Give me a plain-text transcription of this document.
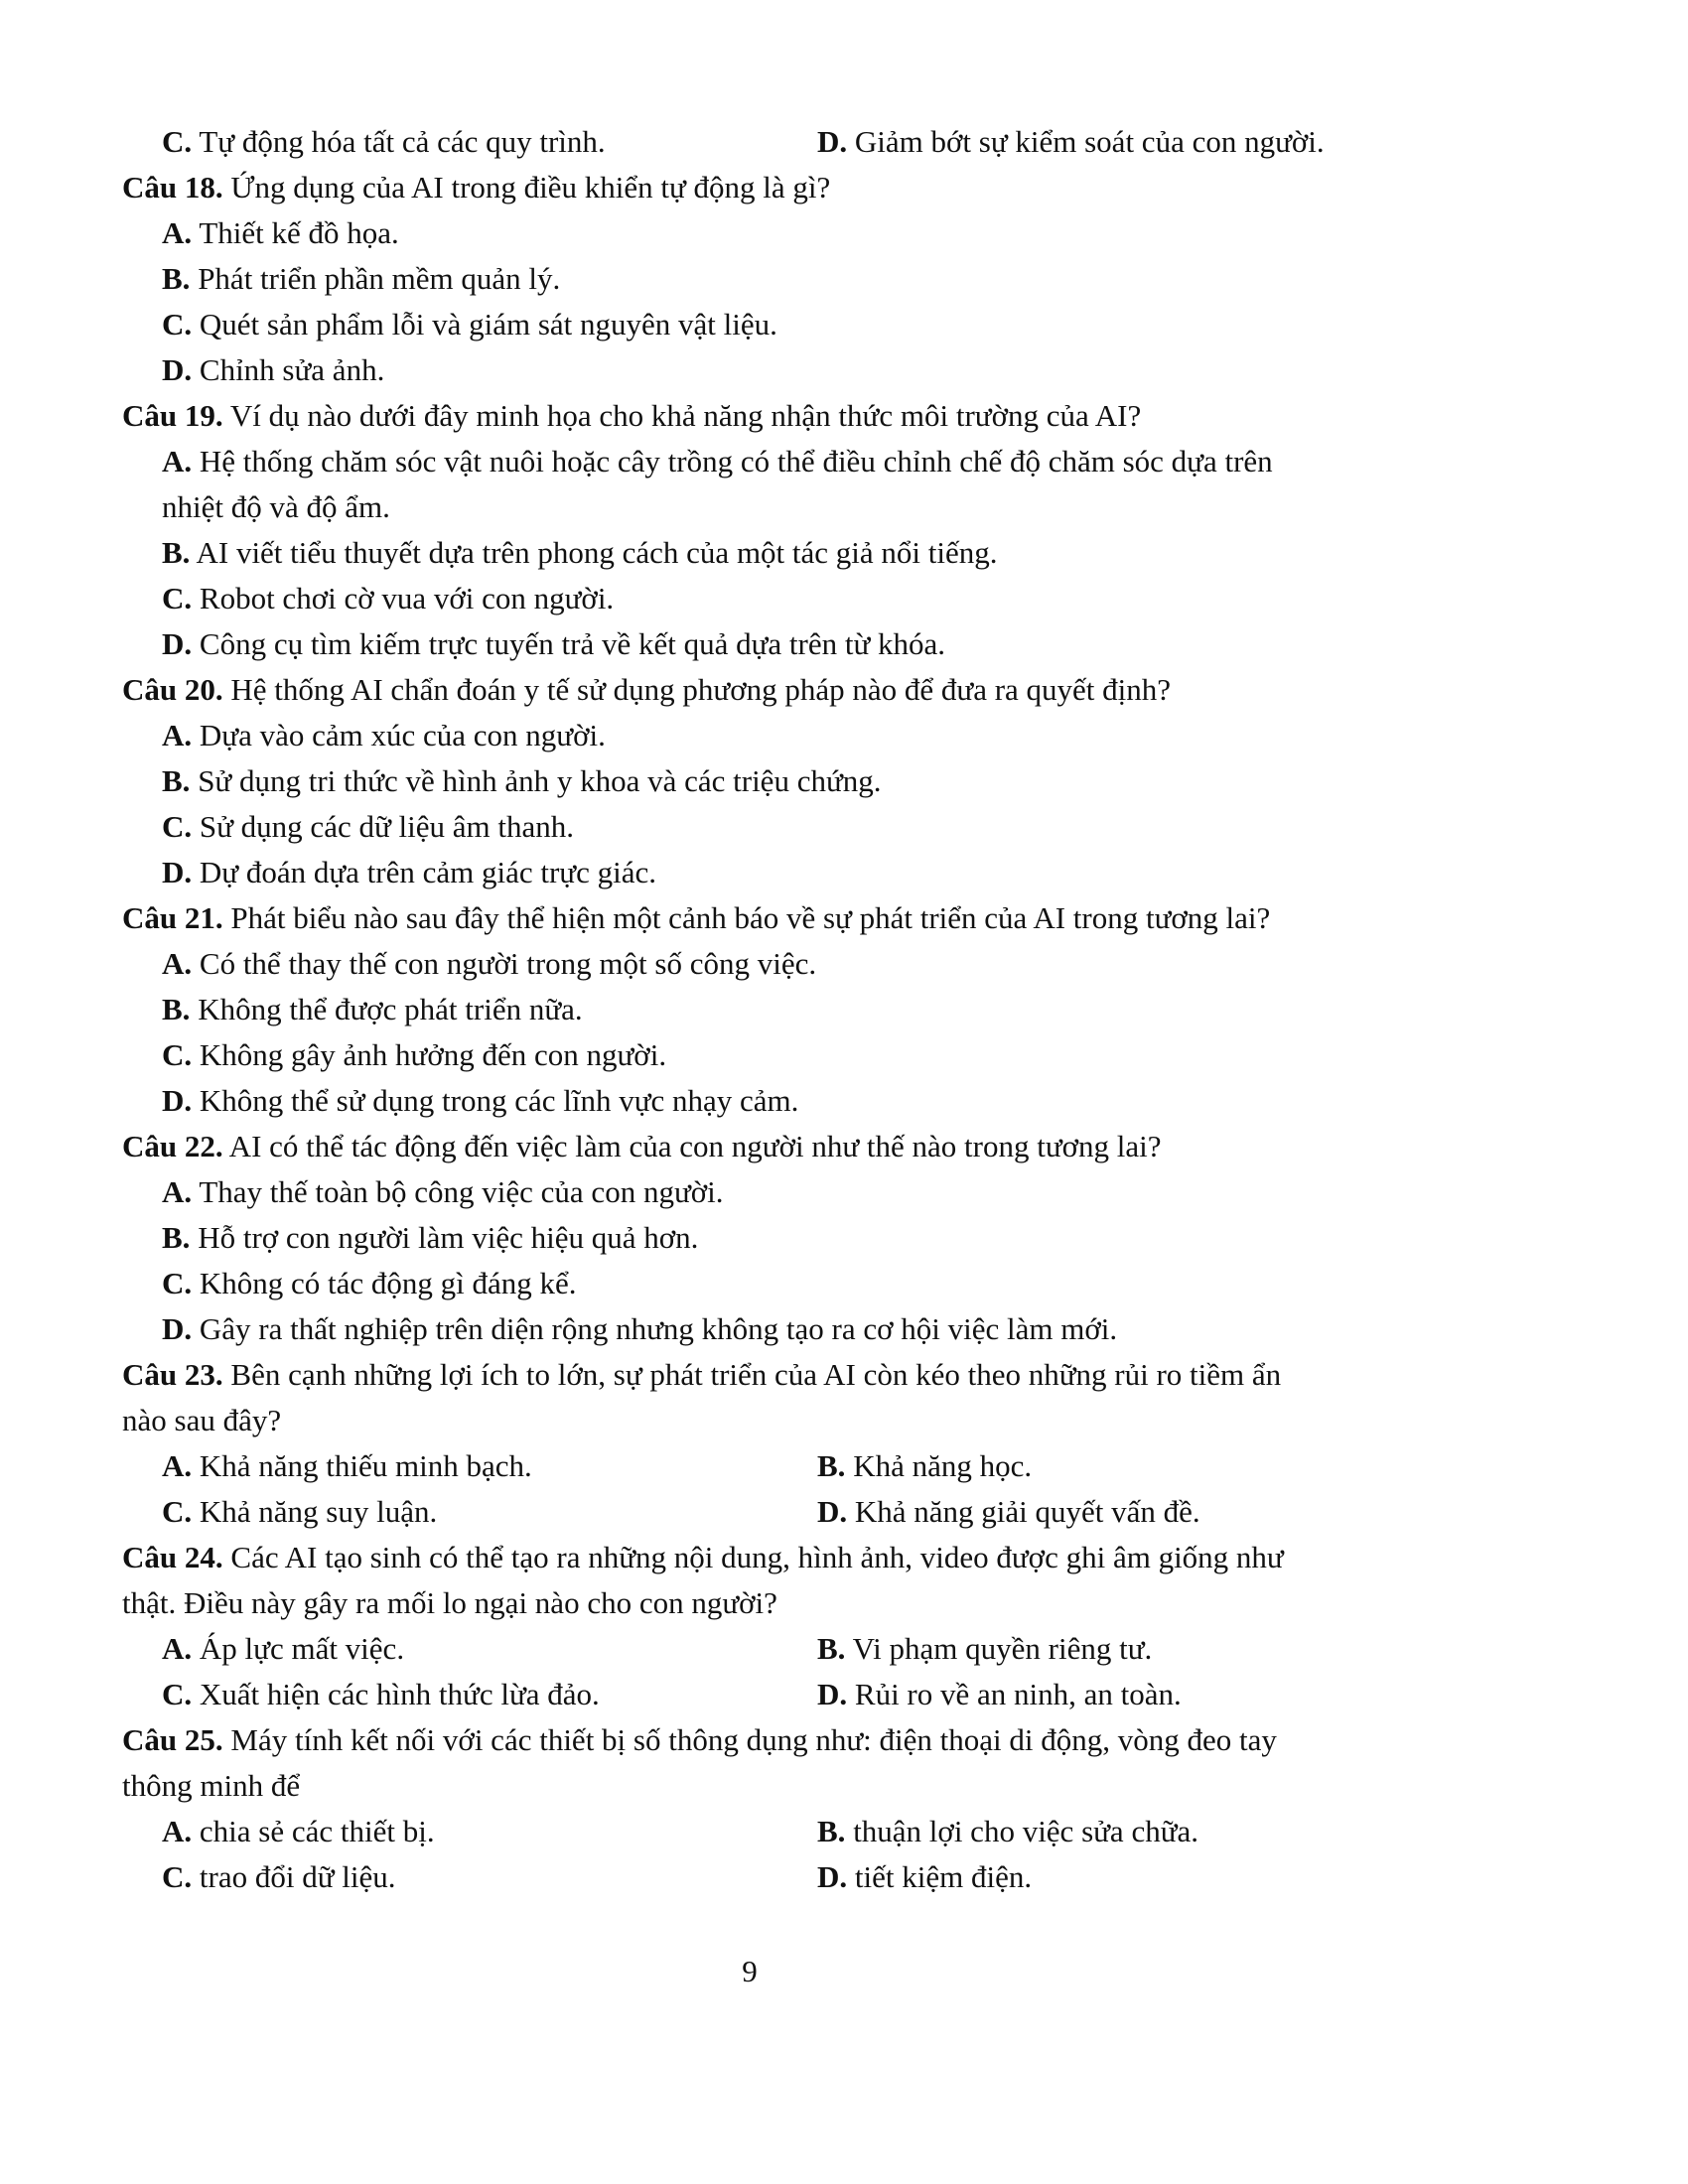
C. Tự động hóa tất cả các quy trình.	D. Giảm bớt sự kiểm soát của con người.
Câu 18. Ứng dụng của AI trong điều khiển tự động là gì?
A. Thiết kế đồ họa.
B. Phát triển phần mềm quản lý.
C. Quét sản phẩm lỗi và giám sát nguyên vật liệu.
D. Chỉnh sửa ảnh.
Câu 19. Ví dụ nào dưới đây minh họa cho khả năng nhận thức môi trường của AI?
A. Hệ thống chăm sóc vật nuôi hoặc cây trồng có thể điều chỉnh chế độ chăm sóc dựa trên
nhiệt độ và độ ẩm.
B. AI viết tiểu thuyết dựa trên phong cách của một tác giả nổi tiếng.
C. Robot chơi cờ vua với con người.
D. Công cụ tìm kiếm trực tuyến trả về kết quả dựa trên từ khóa.
Câu 20. Hệ thống AI chẩn đoán y tế sử dụng phương pháp nào để đưa ra quyết định?
A. Dựa vào cảm xúc của con người.
B. Sử dụng tri thức về hình ảnh y khoa và các triệu chứng.
C. Sử dụng các dữ liệu âm thanh.
D. Dự đoán dựa trên cảm giác trực giác.
Câu 21. Phát biểu nào sau đây thể hiện một cảnh báo về sự phát triển của AI trong tương lai?
A. Có thể thay thế con người trong một số công việc.
B. Không thể được phát triển nữa.
C. Không gây ảnh hưởng đến con người.
D. Không thể sử dụng trong các lĩnh vực nhạy cảm.
Câu 22. AI có thể tác động đến việc làm của con người như thế nào trong tương lai?
A. Thay thế toàn bộ công việc của con người.
B. Hỗ trợ con người làm việc hiệu quả hơn.
C. Không có tác động gì đáng kể.
D. Gây ra thất nghiệp trên diện rộng nhưng không tạo ra cơ hội việc làm mới.
Câu 23. Bên cạnh những lợi ích to lớn, sự phát triển của AI còn kéo theo những rủi ro tiềm ẩn
nào sau đây?
A. Khả năng thiếu minh bạch.	B. Khả năng học.
C. Khả năng suy luận.	D. Khả năng giải quyết vấn đề.
Câu 24. Các AI tạo sinh có thể tạo ra những nội dung, hình ảnh, video được ghi âm giống như
thật. Điều này gây ra mối lo ngại nào cho con người?
A. Áp lực mất việc.	B. Vi phạm quyền riêng tư.
C. Xuất hiện các hình thức lừa đảo.	D. Rủi ro về an ninh, an toàn.
Câu 25. Máy tính kết nối với các thiết bị số thông dụng như: điện thoại di động, vòng đeo tay
thông minh để
A. chia sẻ các thiết bị.	B. thuận lợi cho việc sửa chữa.
C. trao đổi dữ liệu.	D. tiết kiệm điện.
9
